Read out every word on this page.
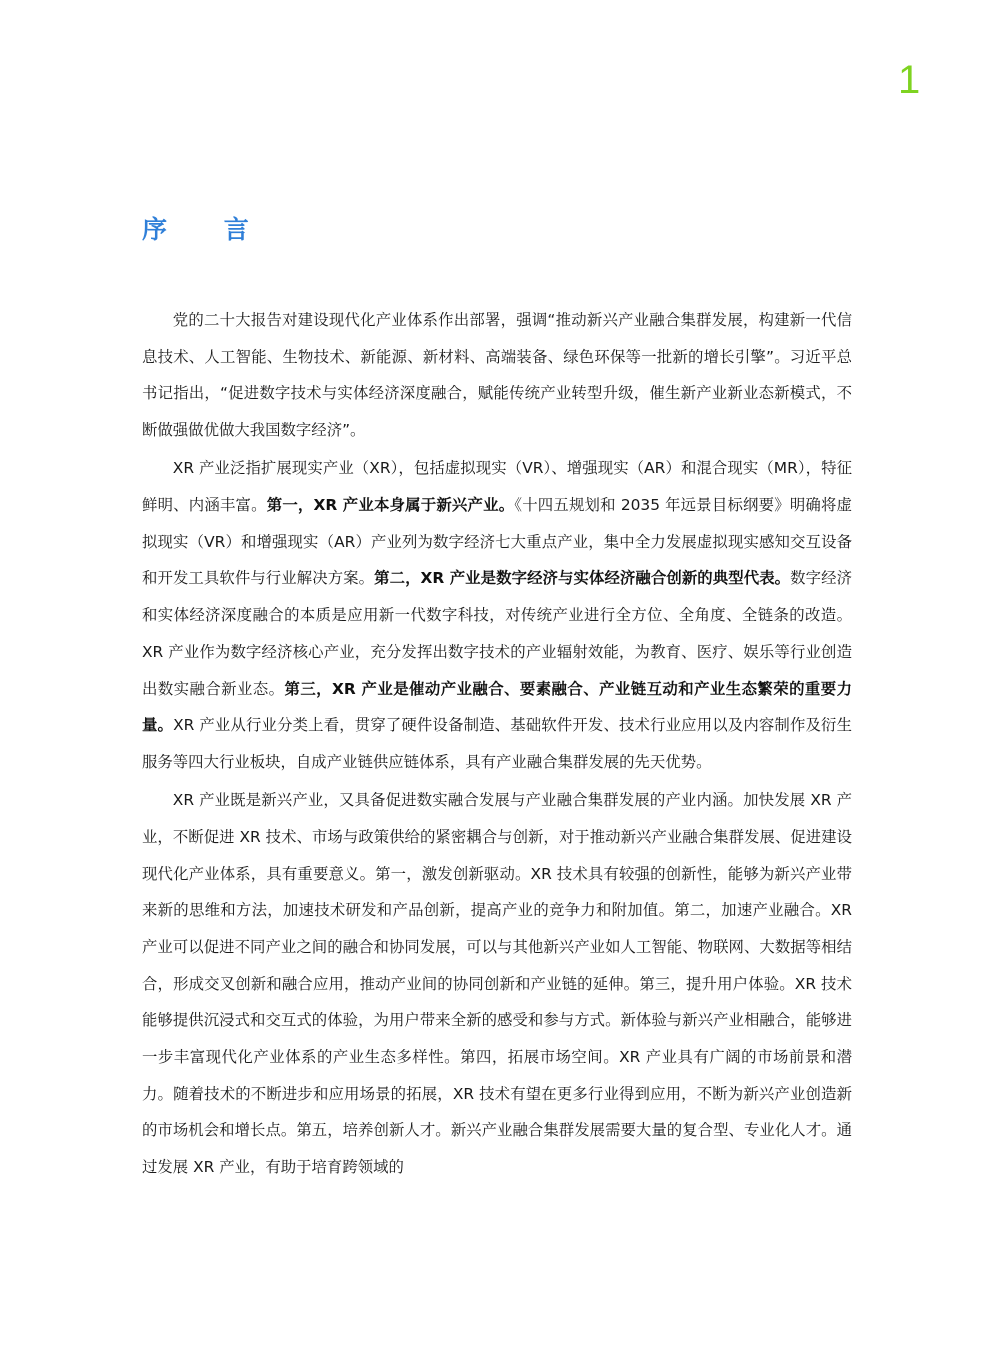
1
序 言

党的二十大报告对建设现代化产业体系作出部署，强调“推动新兴产业融合集群发展，构建新一代信息技术、人工智能、生物技术、新能源、新材料、高端装备、绿色环保等一批新的增长引擎”。习近平总书记指出，“促进数字技术与实体经济深度融合，赋能传统产业转型升级，催生新产业新业态新模式，不断做强做优做大我国数字经济”。

XR 产业泛指扩展现实产业（XR），包括虚拟现实（VR）、增强现实（AR）和混合现实（MR），特征鲜明、内涵丰富。第一，XR 产业本身属于新兴产业。《十四五规划和 2035 年远景目标纲要》明确将虚拟现实（VR）和增强现实（AR）产业列为数字经济七大重点产业，集中全力发展虚拟现实感知交互设备和开发工具软件与行业解决方案。第二，XR 产业是数字经济与实体经济融合创新的典型代表。数字经济和实体经济深度融合的本质是应用新一代数字科技，对传统产业进行全方位、全角度、全链条的改造。XR 产业作为数字经济核心产业，充分发挥出数字技术的产业辐射效能，为教育、医疗、娱乐等行业创造出数实融合新业态。第三，XR 产业是催动产业融合、要素融合、产业链互动和产业生态繁荣的重要力量。XR 产业从行业分类上看，贯穿了硬件设备制造、基础软件开发、技术行业应用以及内容制作及衍生服务等四大行业板块，自成产业链供应链体系，具有产业融合集群发展的先天优势。

XR 产业既是新兴产业，又具备促进数实融合发展与产业融合集群发展的产业内涵。加快发展 XR 产业，不断促进 XR 技术、市场与政策供给的紧密耦合与创新，对于推动新兴产业融合集群发展、促进建设现代化产业体系，具有重要意义。第一，激发创新驱动。XR 技术具有较强的创新性，能够为新兴产业带来新的思维和方法，加速技术研发和产品创新，提高产业的竞争力和附加值。第二，加速产业融合。XR 产业可以促进不同产业之间的融合和协同发展，可以与其他新兴产业如人工智能、物联网、大数据等相结合，形成交叉创新和融合应用，推动产业间的协同创新和产业链的延伸。第三，提升用户体验。XR 技术能够提供沉浸式和交互式的体验，为用户带来全新的感受和参与方式。新体验与新兴产业相融合，能够进一步丰富现代化产业体系的产业生态多样性。第四，拓展市场空间。XR 产业具有广阔的市场前景和潜力。随着技术的不断进步和应用场景的拓展，XR 技术有望在更多行业得到应用，不断为新兴产业创造新的市场机会和增长点。第五，培养创新人才。新兴产业融合集群发展需要大量的复合型、专业化人才。通过发展 XR 产业，有助于培育跨领域的
